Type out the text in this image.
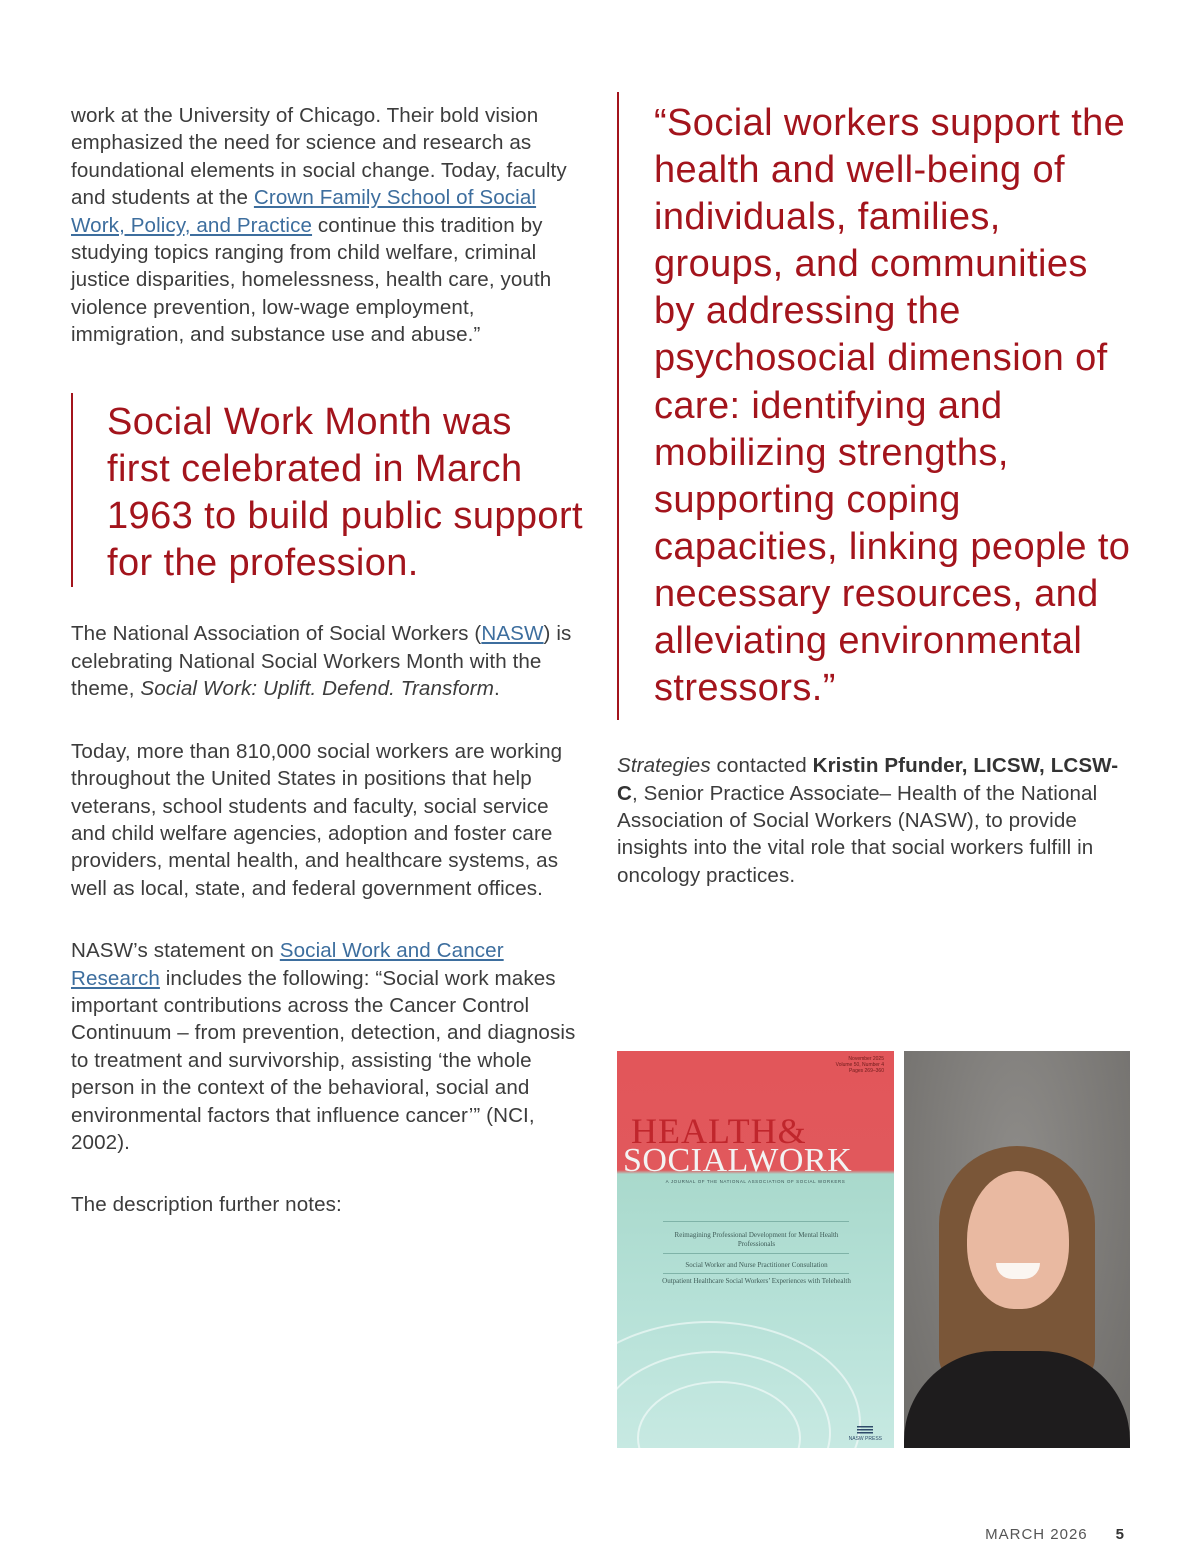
work at the University of Chicago. Their bold vision emphasized the need for science and research as foundational elements in social change. Today, faculty and students at the Crown Family School of Social Work, Policy, and Practice continue this tradition by studying topics ranging from child welfare, criminal justice disparities, homelessness, health care, youth violence prevention, low-wage employment, immigration, and substance use and abuse.”

Social Work Month was first celebrated in March 1963 to build public support for the profession.

The National Association of Social Workers (NASW) is celebrating National Social Workers Month with the theme, Social Work: Uplift. Defend. Transform.

Today, more than 810,000 social workers are working throughout the United States in positions that help veterans, school students and faculty, social service and child welfare agencies, adoption and foster care providers, mental health, and healthcare systems, as well as local, state, and federal government offices.

NASW’s statement on Social Work and Cancer Research includes the following: “Social work makes important contributions across the Cancer Control Continuum – from prevention, detection, and diagnosis to treatment and survivorship, assisting ‘the whole person in the context of the behavioral, social and environmental factors that influence cancer’” (NCI, 2002).

The description further notes:

“Social workers support the health and well-being of individuals, families, groups, and communities by addressing the psychosocial dimension of care: identifying and mobilizing strengths, supporting coping capacities, linking people to necessary resources, and alleviating environmental stressors.”

Strategies contacted Kristin Pfunder, LICSW, LCSW-C, Senior Practice Associate– Health of the National Association of Social Workers (NASW), to provide insights into the vital role that social workers fulfill in oncology practices.

November 2025
Volume 50, Number 4
Pages 269–360
HEALTH&
SOCIALWORK
A JOURNAL OF THE NATIONAL ASSOCIATION OF SOCIAL WORKERS
Reimagining Professional Development for Mental Health Professionals
Social Worker and Nurse Practitioner Consultation
Outpatient Healthcare Social Workers’ Experiences with Telehealth
NASW PRESS
MARCH 2026 5
